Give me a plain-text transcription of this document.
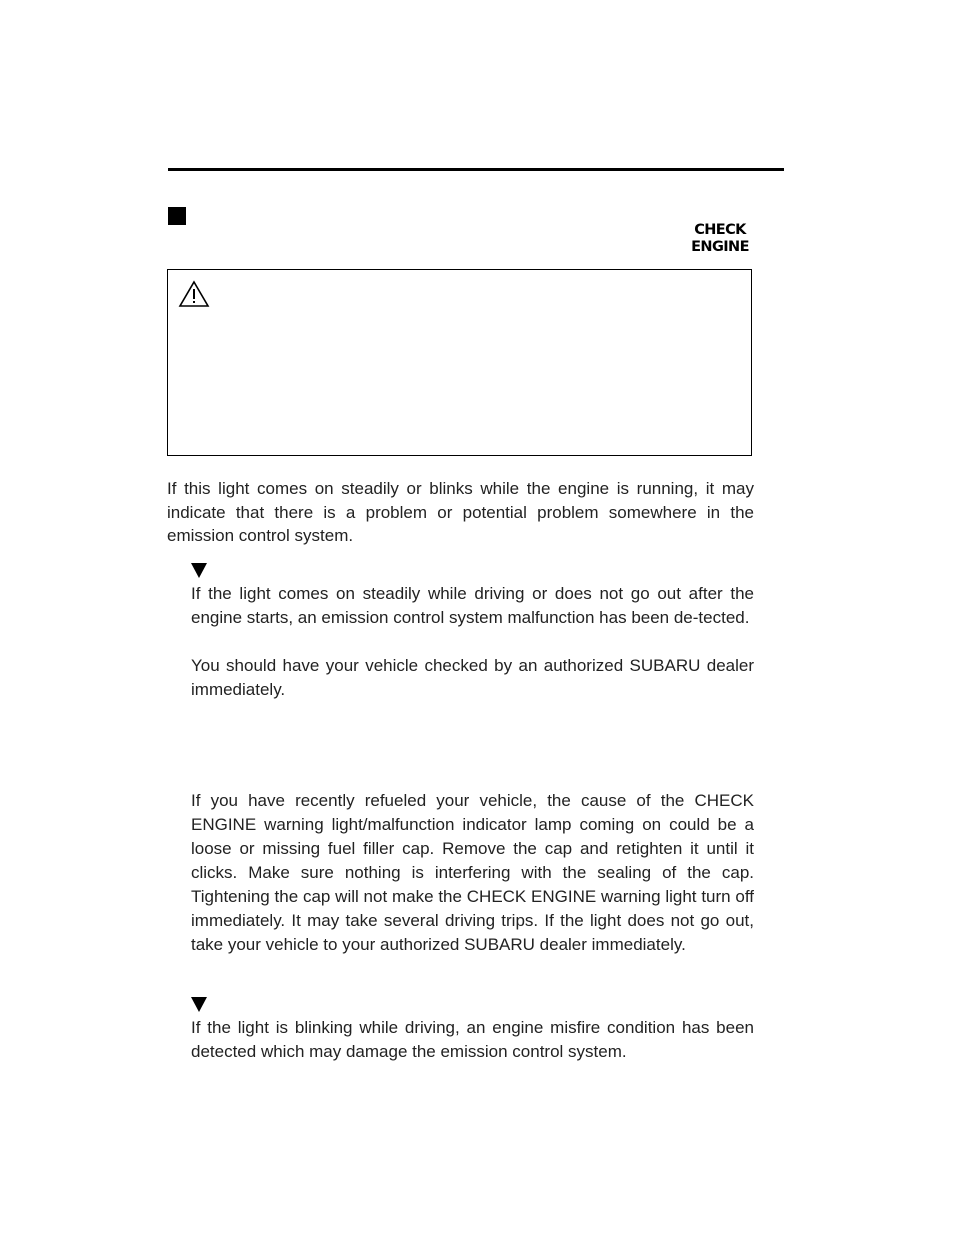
CHECK
ENGINE

If this light comes on steadily or blinks while the engine is running, it may indicate that there is a problem or potential problem somewhere in the emission control system.

If the light comes on steadily while driving or does not go out after the engine starts, an emission control system malfunction has been de-tected.

You should have your vehicle checked by an authorized SUBARU dealer immediately.

If you have recently refueled your vehicle, the cause of the CHECK ENGINE warning light/malfunction indicator lamp coming on could be a loose or missing fuel filler cap. Remove the cap and retighten it until it clicks. Make sure nothing is interfering with the sealing of the cap. Tightening the cap will not make the CHECK ENGINE warning light turn off immediately. It may take several driving trips. If the light does not go out, take your vehicle to your authorized SUBARU dealer immediately.

If the light is blinking while driving, an engine misfire condition has been detected which may damage the emission control system.
